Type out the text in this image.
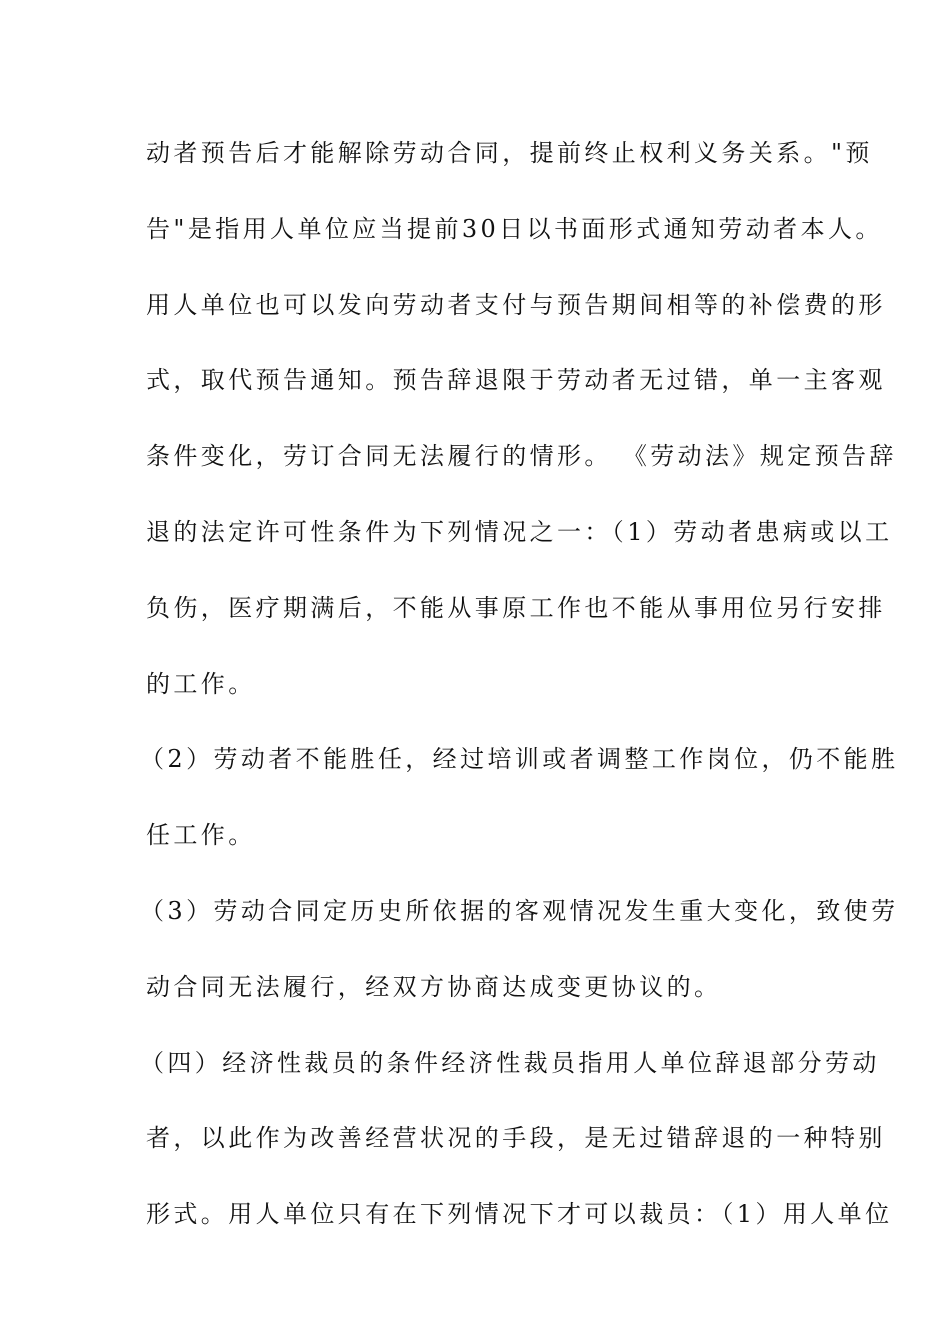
动者预告后才能解除劳动合同，提前终止权利义务关系。"预
告"是指用人单位应当提前30日以书面形式通知劳动者本人。
用人单位也可以发向劳动者支付与预告期间相等的补偿费的形
式，取代预告通知。预告辞退限于劳动者无过错，单一主客观
条件变化，劳订合同无法履行的情形。 《劳动法》规定预告辞
退的法定许可性条件为下列情况之一：（1）劳动者患病或以工
负伤，医疗期满后，不能从事原工作也不能从事用位另行安排
的工作。
（2）劳动者不能胜任，经过培训或者调整工作岗位，仍不能胜
任工作。
（3）劳动合同定历史所依据的客观情况发生重大变化，致使劳
动合同无法履行，经双方协商达成变更协议的。
（四）经济性裁员的条件经济性裁员指用人单位辞退部分劳动
者，以此作为改善经营状况的手段，是无过错辞退的一种特别
形式。用人单位只有在下列情况下才可以裁员：（1）用人单位
